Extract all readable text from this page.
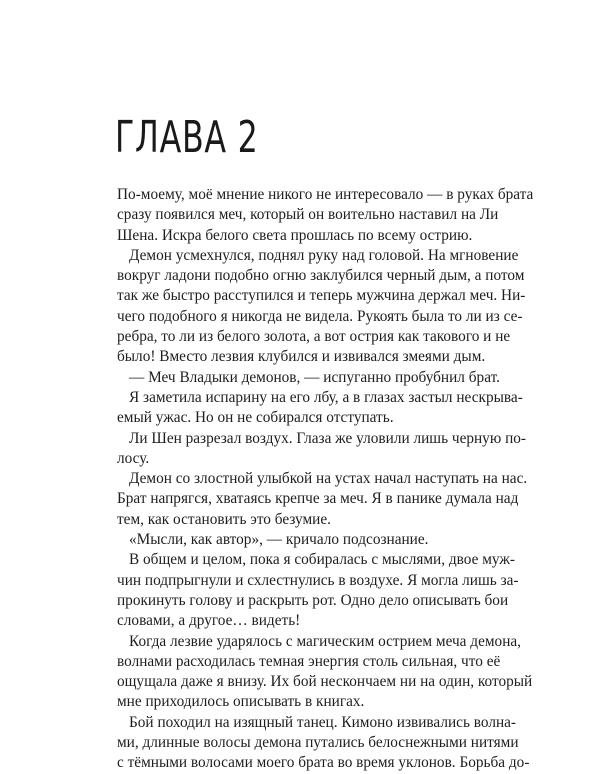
ГЛАВА 2
По-моему, моё мнение никого не интересовало — в руках брата
сразу появился меч, который он воительно наставил на Ли
Шена. Искра белого света прошлась по всему острию.
Демон усмехнулся, поднял руку над головой. На мгновение
вокруг ладони подобно огню заклубился черный дым, а потом
так же быстро расступился и теперь мужчина держал меч. Ни-
чего подобного я никогда не видела. Рукоять была то ли из се-
ребра, то ли из белого золота, а вот острия как такового и не
было! Вместо лезвия клубился и извивался змеями дым.
— Меч Владыки демонов, — испуганно пробубнил брат.
Я заметила испарину на его лбу, а в глазах застыл нескрыва-
емый ужас. Но он не собирался отступать.
Ли Шен разрезал воздух. Глаза же уловили лишь черную по-
лосу.
Демон со злостной улыбкой на устах начал наступать на нас.
Брат напрягся, хватаясь крепче за меч. Я в панике думала над
тем, как остановить это безумие.
«Мысли, как автор», — кричало подсознание.
В общем и целом, пока я собиралась с мыслями, двое муж-
чин подпрыгнули и схлестнулись в воздухе. Я могла лишь за-
прокинуть голову и раскрыть рот. Одно дело описывать бои
словами, а другое… видеть!
Когда лезвие ударялось с магическим острием меча демона,
волнами расходилась темная энергия столь сильная, что её
ощущала даже я внизу. Их бой нескончаем ни на один, который
мне приходилось описывать в книгах.
Бой походил на изящный танец. Кимоно извивались волна-
ми, длинные волосы демона путались белоснежными нитями
с тёмными волосами моего брата во время уклонов. Борьба до-
